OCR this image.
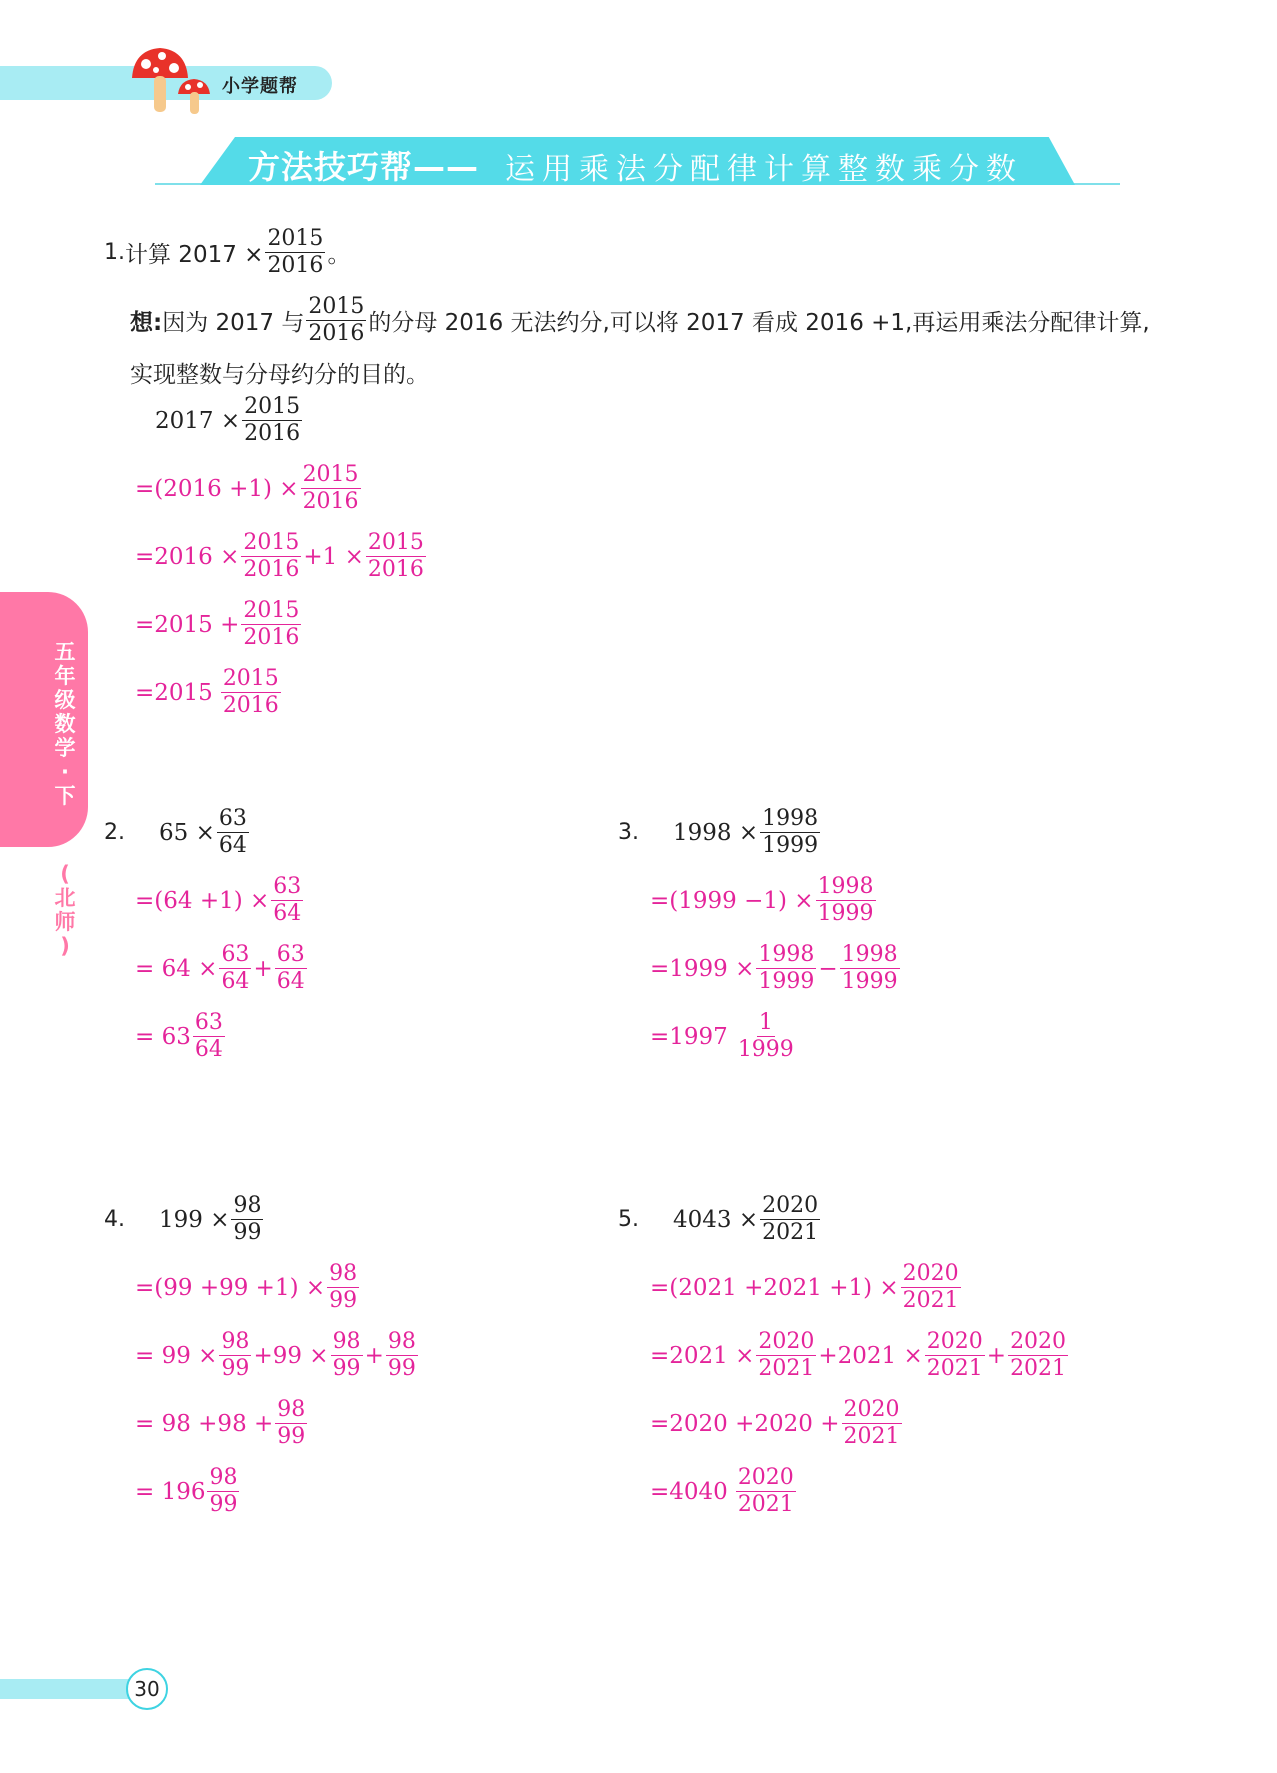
小学题帮
方法技巧帮—— 运用乘法分配律计算整数乘分数
五
年
级
数
学
·
下
(
北
师
)
1. 计算 $2017 \times \frac{2015}{2016}$ 。
想: 因为 2017 与 $\frac{2015}{2016}$ 的分母 2016 无法约分,可以将 2017 看成 2016 +1,再运用乘法分配律计算,
实现整数与分母约分的目的。
$2017 \times \frac{2015}{2016}$
$=(2016 +1) \times \frac{2015}{2016}$
$=2016 \times \frac{2015}{2016} +1 \times \frac{2015}{2016}$
$=2015 + \frac{2015}{2016}$
$=2015 \frac{2015}{2016}$
2. $65 \times \frac{63}{64}$
$=(64 +1) \times \frac{63}{64}$
= $64 \times \frac{63}{64} + \frac{63}{64}$
= $63 \frac{63}{64}$
3. $1998 \times \frac{1998}{1999}$
$=(1999 -1) \times \frac{1998}{1999}$
$=1999 \times \frac{1998}{1999} - \frac{1998}{1999}$
$=1997 \frac{1}{1999}$
4. $199 \times \frac{98}{99}$
$=(99 +99 +1) \times \frac{98}{99}$
= $99 \times \frac{98}{99} +99 \times \frac{98}{99} + \frac{98}{99}$
= $98 +98 + \frac{98}{99}$
= $196 \frac{98}{99}$
5. $4043 \times \frac{2020}{2021}$
$=(2021 +2021 +1) \times \frac{2020}{2021}$
$=2021 \times \frac{2020}{2021} +2021 \times \frac{2020}{2021} + \frac{2020}{2021}$
$=2020 +2020 + \frac{2020}{2021}$
$=4040 \frac{2020}{2021}$
30
